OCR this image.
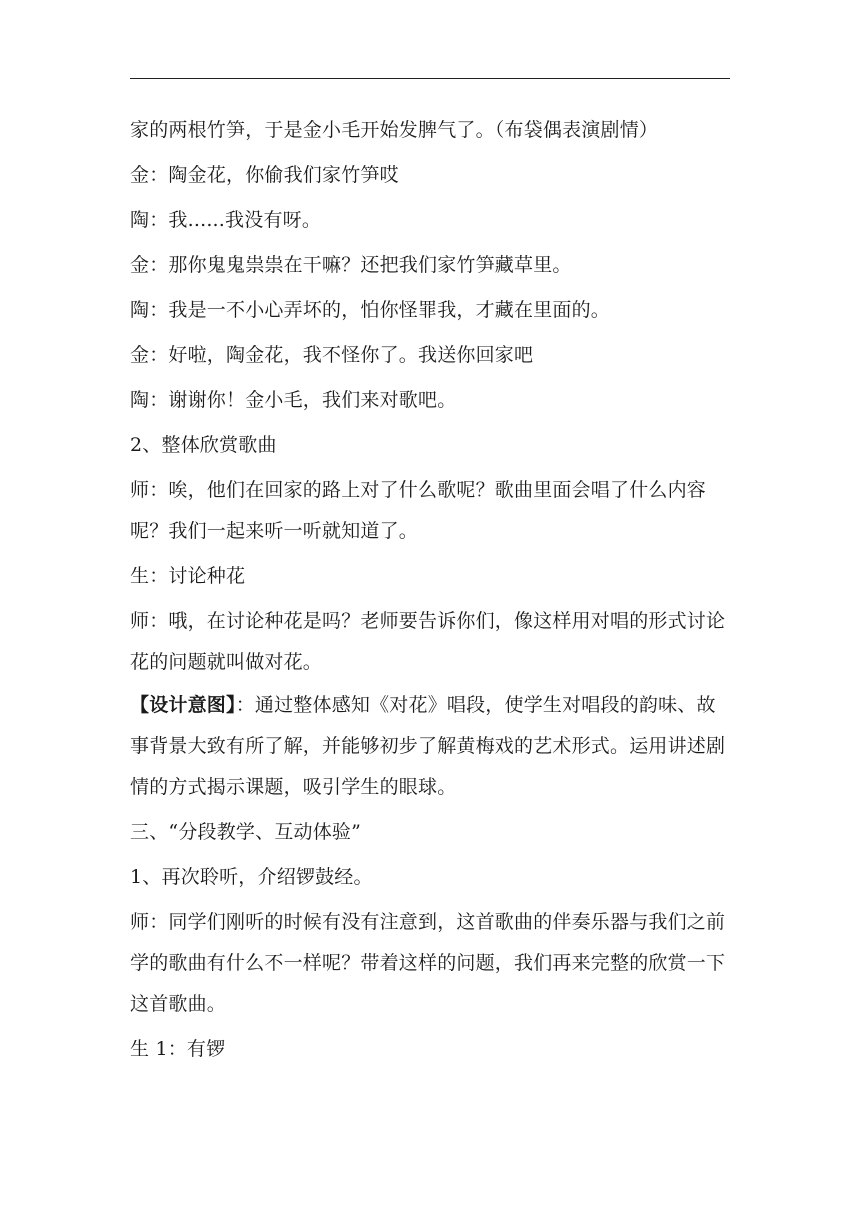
家的两根竹笋，于是金小毛开始发脾气了。（布袋偶表演剧情）

金：陶金花，你偷我们家竹笋哎

陶：我......我没有呀。

金：那你鬼鬼祟祟在干嘛？还把我们家竹笋藏草里。

陶：我是一不小心弄坏的，怕你怪罪我，才藏在里面的。

金：好啦，陶金花，我不怪你了。我送你回家吧

陶：谢谢你！金小毛，我们来对歌吧。

2、整体欣赏歌曲

师：唉，他们在回家的路上对了什么歌呢？歌曲里面会唱了什么内容呢？我们一起来听一听就知道了。

生：讨论种花

师：哦，在讨论种花是吗？老师要告诉你们，像这样用对唱的形式讨论花的问题就叫做对花。

【设计意图】：通过整体感知《对花》唱段，使学生对唱段的韵味、故事背景大致有所了解，并能够初步了解黄梅戏的艺术形式。运用讲述剧情的方式揭示课题，吸引学生的眼球。

三、“分段教学、互动体验”

1、再次聆听，介绍锣鼓经。

师：同学们刚听的时候有没有注意到，这首歌曲的伴奏乐器与我们之前学的歌曲有什么不一样呢？带着这样的问题，我们再来完整的欣赏一下这首歌曲。

生 1：有锣
